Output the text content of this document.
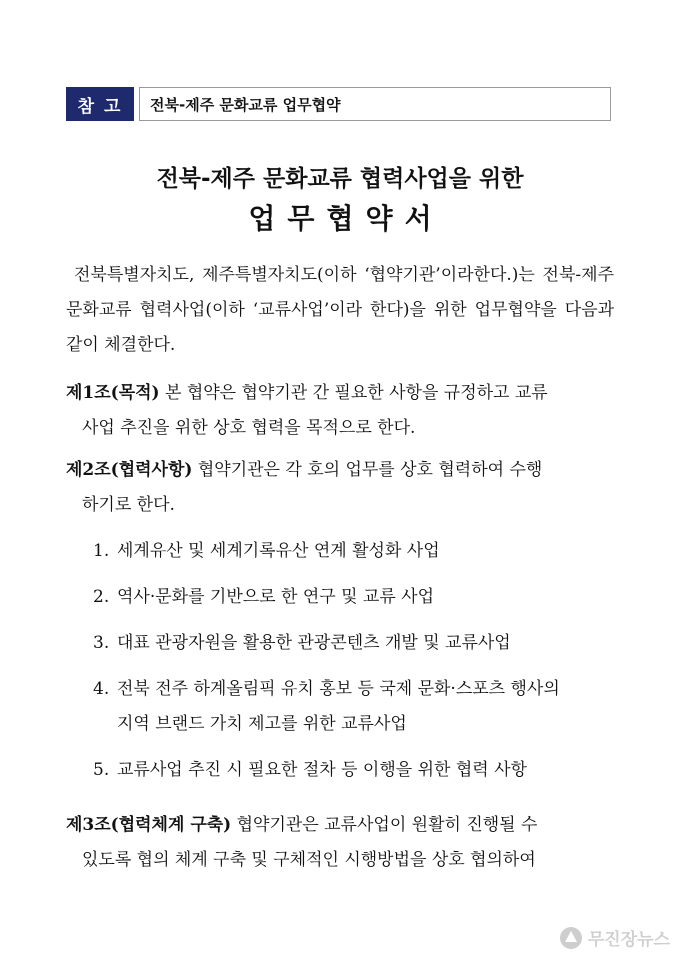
참 고	전북-제주 문화교류 업무협약
전북-제주 문화교류 협력사업을 위한
업무협약서
전북특별자치도, 제주특별자치도(이하 ‘협약기관’이라한다.)는 전북-제주 문화교류 협력사업(이하 ‘교류사업’이라 한다)을 위한 업무협약을 다음과 같이 체결한다.
제1조(목적) 본 협약은 협약기관 간 필요한 사항을 규정하고 교류
사업 추진을 위한 상호 협력을 목적으로 한다.
제2조(협력사항) 협약기관은 각 호의 업무를 상호 협력하여 수행
하기로 한다.
1. 세계유산 및 세계기록유산 연계 활성화 사업
2. 역사·문화를 기반으로 한 연구 및 교류 사업
3. 대표 관광자원을 활용한 관광콘텐츠 개발 및 교류사업
4. 전북 전주 하계올림픽 유치 홍보 등 국제 문화·스포츠 행사의
지역 브랜드 가치 제고를 위한 교류사업
5. 교류사업 추진 시 필요한 절차 등 이행을 위한 협력 사항
제3조(협력체계 구축) 협약기관은 교류사업이 원활히 진행될 수
있도록 협의 체계 구축 및 구체적인 시행방법을 상호 협의하여
무진장뉴스
